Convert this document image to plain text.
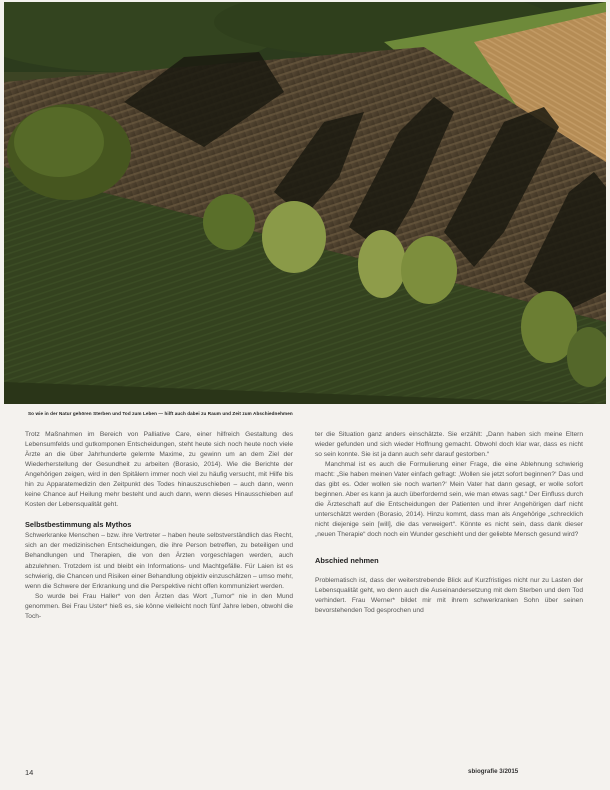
So wie in der Natur gehören Sterben und Tod zum Leben — hilft auch dabei zu Raum und Zeit zum Abschiednehmen

Trotz Maßnahmen im Bereich von Palliative Care, einer hilfreich Gestaltung des Lebensumfelds und gutkomponen Entscheidungen, steht heute sich noch heute noch viele Ärzte an die über Jahrhunderte gelernte Maxime, zu gewinn um an dem Ziel der Wiederherstellung der Gesundheit zu arbeiten (Borasio, 2014). Wie die Berichte der Angehörigen zeigen, wird in den Spitälern immer noch viel zu häufig versucht, mit Hilfe bis hin zu Apparatemedizin den Zeitpunkt des Todes hinauszuschieben – auch dann, wenn keine Chance auf Heilung mehr besteht und auch dann, wenn dieses Hinausschieben auf Kosten der Lebensqualität geht.

Selbstbestimmung als Mythos

Schwerkranke Menschen – bzw. ihre Vertreter – haben heute selbstverständlich das Recht, sich an der medizinischen Entscheidungen, die ihre Person betreffen, zu beteiligen und Behandlungen und Therapien, die von den Ärzten vorgeschlagen werden, auch abzulehnen. Trotzdem ist und bleibt ein Informations- und Machtgefälle. Für Laien ist es schwierig, die Chancen und Risiken einer Behandlung objektiv einzuschätzen – umso mehr, wenn die Schwere der Erkrankung und die Perspektive nicht offen kommuniziert werden.

So wurde bei Frau Haller* von den Ärzten das Wort „Tumor“ nie in den Mund genommen. Bei Frau Uster* hieß es, sie könne vielleicht noch fünf Jahre leben, obwohl die Toch-

ter die Situation ganz anders einschätzte. Sie erzählt: „Dann haben sich meine Eltern wieder gefunden und sich wieder Hoffnung gemacht. Obwohl doch klar war, dass es nicht so sein konnte. Sie ist ja dann auch sehr darauf gestorben.“

Manchmal ist es auch die Formulierung einer Frage, die eine Ablehnung schwierig macht: „Sie haben meinen Vater einfach gefragt: ‚Wollen sie jetzt sofort beginnen?‘ Das und das gibt es. Oder wollen sie noch warten?‘ Mein Vater hat dann gesagt, er wolle sofort beginnen. Aber es kann ja auch überfordernd sein, wie man etwas sagt.“ Der Einfluss durch die Ärzteschaft auf die Entscheidungen der Patienten und ihrer Angehörigen darf nicht unterschätzt werden (Borasio, 2014). Hinzu kommt, dass man als Angehörige „schrecklich nicht diejenige sein [will], die das verweigert“. Könnte es nicht sein, dass dank dieser „neuen Therapie“ doch noch ein Wunder geschieht und der geliebte Mensch gesund wird?

Abschied nehmen

Problematisch ist, dass der weiterstrebende Blick auf Kurzfristiges nicht nur zu Lasten der Lebensqualität geht, wo denn auch die Auseinandersetzung mit dem Sterben und dem Tod verhindert. Frau Werner* bildet mir mit ihrem schwerkranken Sohn über seinen bevorstehenden Tod gesprochen und

14	sbiografie 3/2015
